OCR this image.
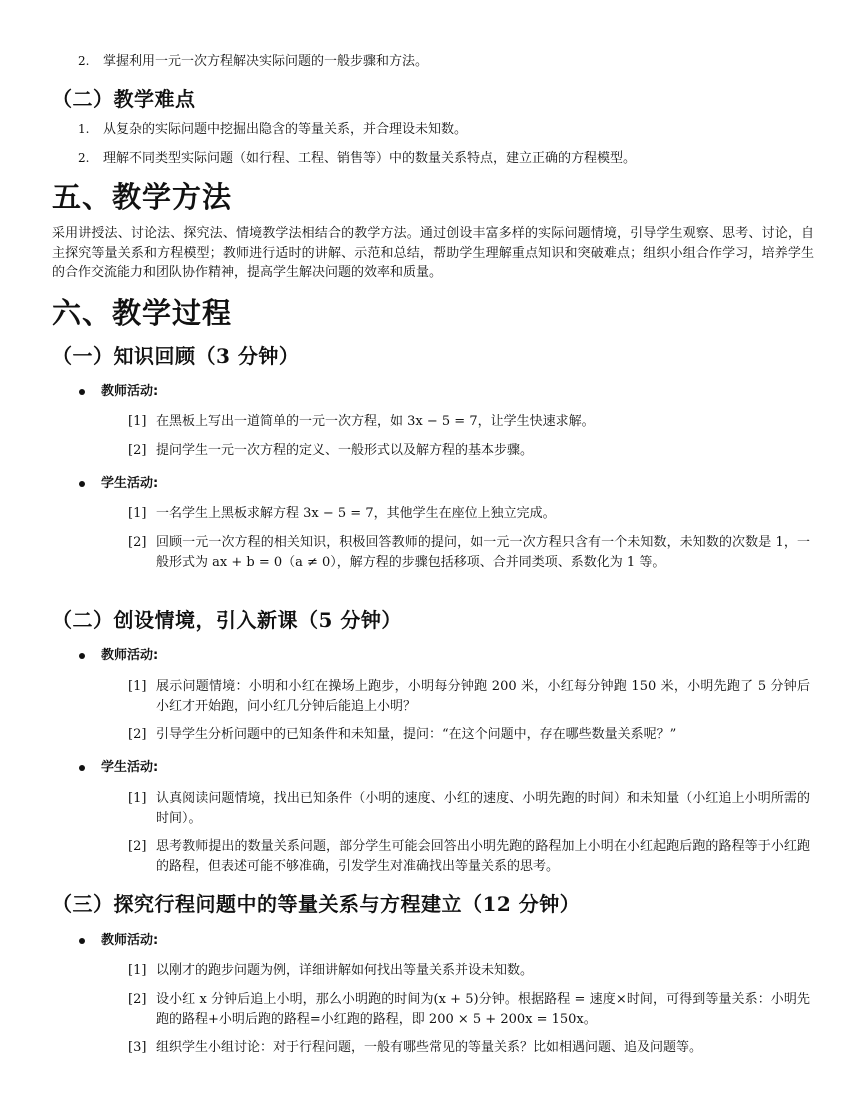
2. 掌握利用一元一次方程解决实际问题的一般步骤和方法。
（二）教学难点
1. 从复杂的实际问题中挖掘出隐含的等量关系，并合理设未知数。
2. 理解不同类型实际问题（如行程、工程、销售等）中的数量关系特点，建立正确的方程模型。
五、教学方法
采用讲授法、讨论法、探究法、情境教学法相结合的教学方法。通过创设丰富多样的实际问题情境，引导学生观察、思考、讨论，自主探究等量关系和方程模型；教师进行适时的讲解、示范和总结，帮助学生理解重点知识和突破难点；组织小组合作学习，培养学生的合作交流能力和团队协作精神，提高学生解决问题的效率和质量。
六、教学过程
（一）知识回顾（3 分钟）
教师活动:
[1] 在黑板上写出一道简单的一元一次方程，如 3x − 5 = 7，让学生快速求解。
[2] 提问学生一元一次方程的定义、一般形式以及解方程的基本步骤。
学生活动:
[1] 一名学生上黑板求解方程 3x − 5 = 7，其他学生在座位上独立完成。
[2] 回顾一元一次方程的相关知识，积极回答教师的提问，如一元一次方程只含有一个未知数，未知数的次数是 1，一般形式为 ax + b = 0（a ≠ 0），解方程的步骤包括移项、合并同类项、系数化为 1 等。
（二）创设情境，引入新课（5 分钟）
教师活动:
[1] 展示问题情境：小明和小红在操场上跑步，小明每分钟跑 200 米，小红每分钟跑 150 米，小明先跑了 5 分钟后小红才开始跑，问小红几分钟后能追上小明？
[2] 引导学生分析问题中的已知条件和未知量，提问：“在这个问题中，存在哪些数量关系呢？”
学生活动:
[1] 认真阅读问题情境，找出已知条件（小明的速度、小红的速度、小明先跑的时间）和未知量（小红追上小明所需的时间）。
[2] 思考教师提出的数量关系问题，部分学生可能会回答出小明先跑的路程加上小明在小红起跑后跑的路程等于小红跑的路程，但表述可能不够准确，引发学生对准确找出等量关系的思考。
（三）探究行程问题中的等量关系与方程建立（12 分钟）
教师活动:
[1] 以刚才的跑步问题为例，详细讲解如何找出等量关系并设未知数。
[2] 设小红 x 分钟后追上小明，那么小明跑的时间为(x + 5)分钟。根据路程 = 速度×时间，可得到等量关系：小明先跑的路程+小明后跑的路程=小红跑的路程，即 200 × 5 + 200x = 150x。
[3] 组织学生小组讨论：对于行程问题，一般有哪些常见的等量关系？比如相遇问题、追及问题等。
